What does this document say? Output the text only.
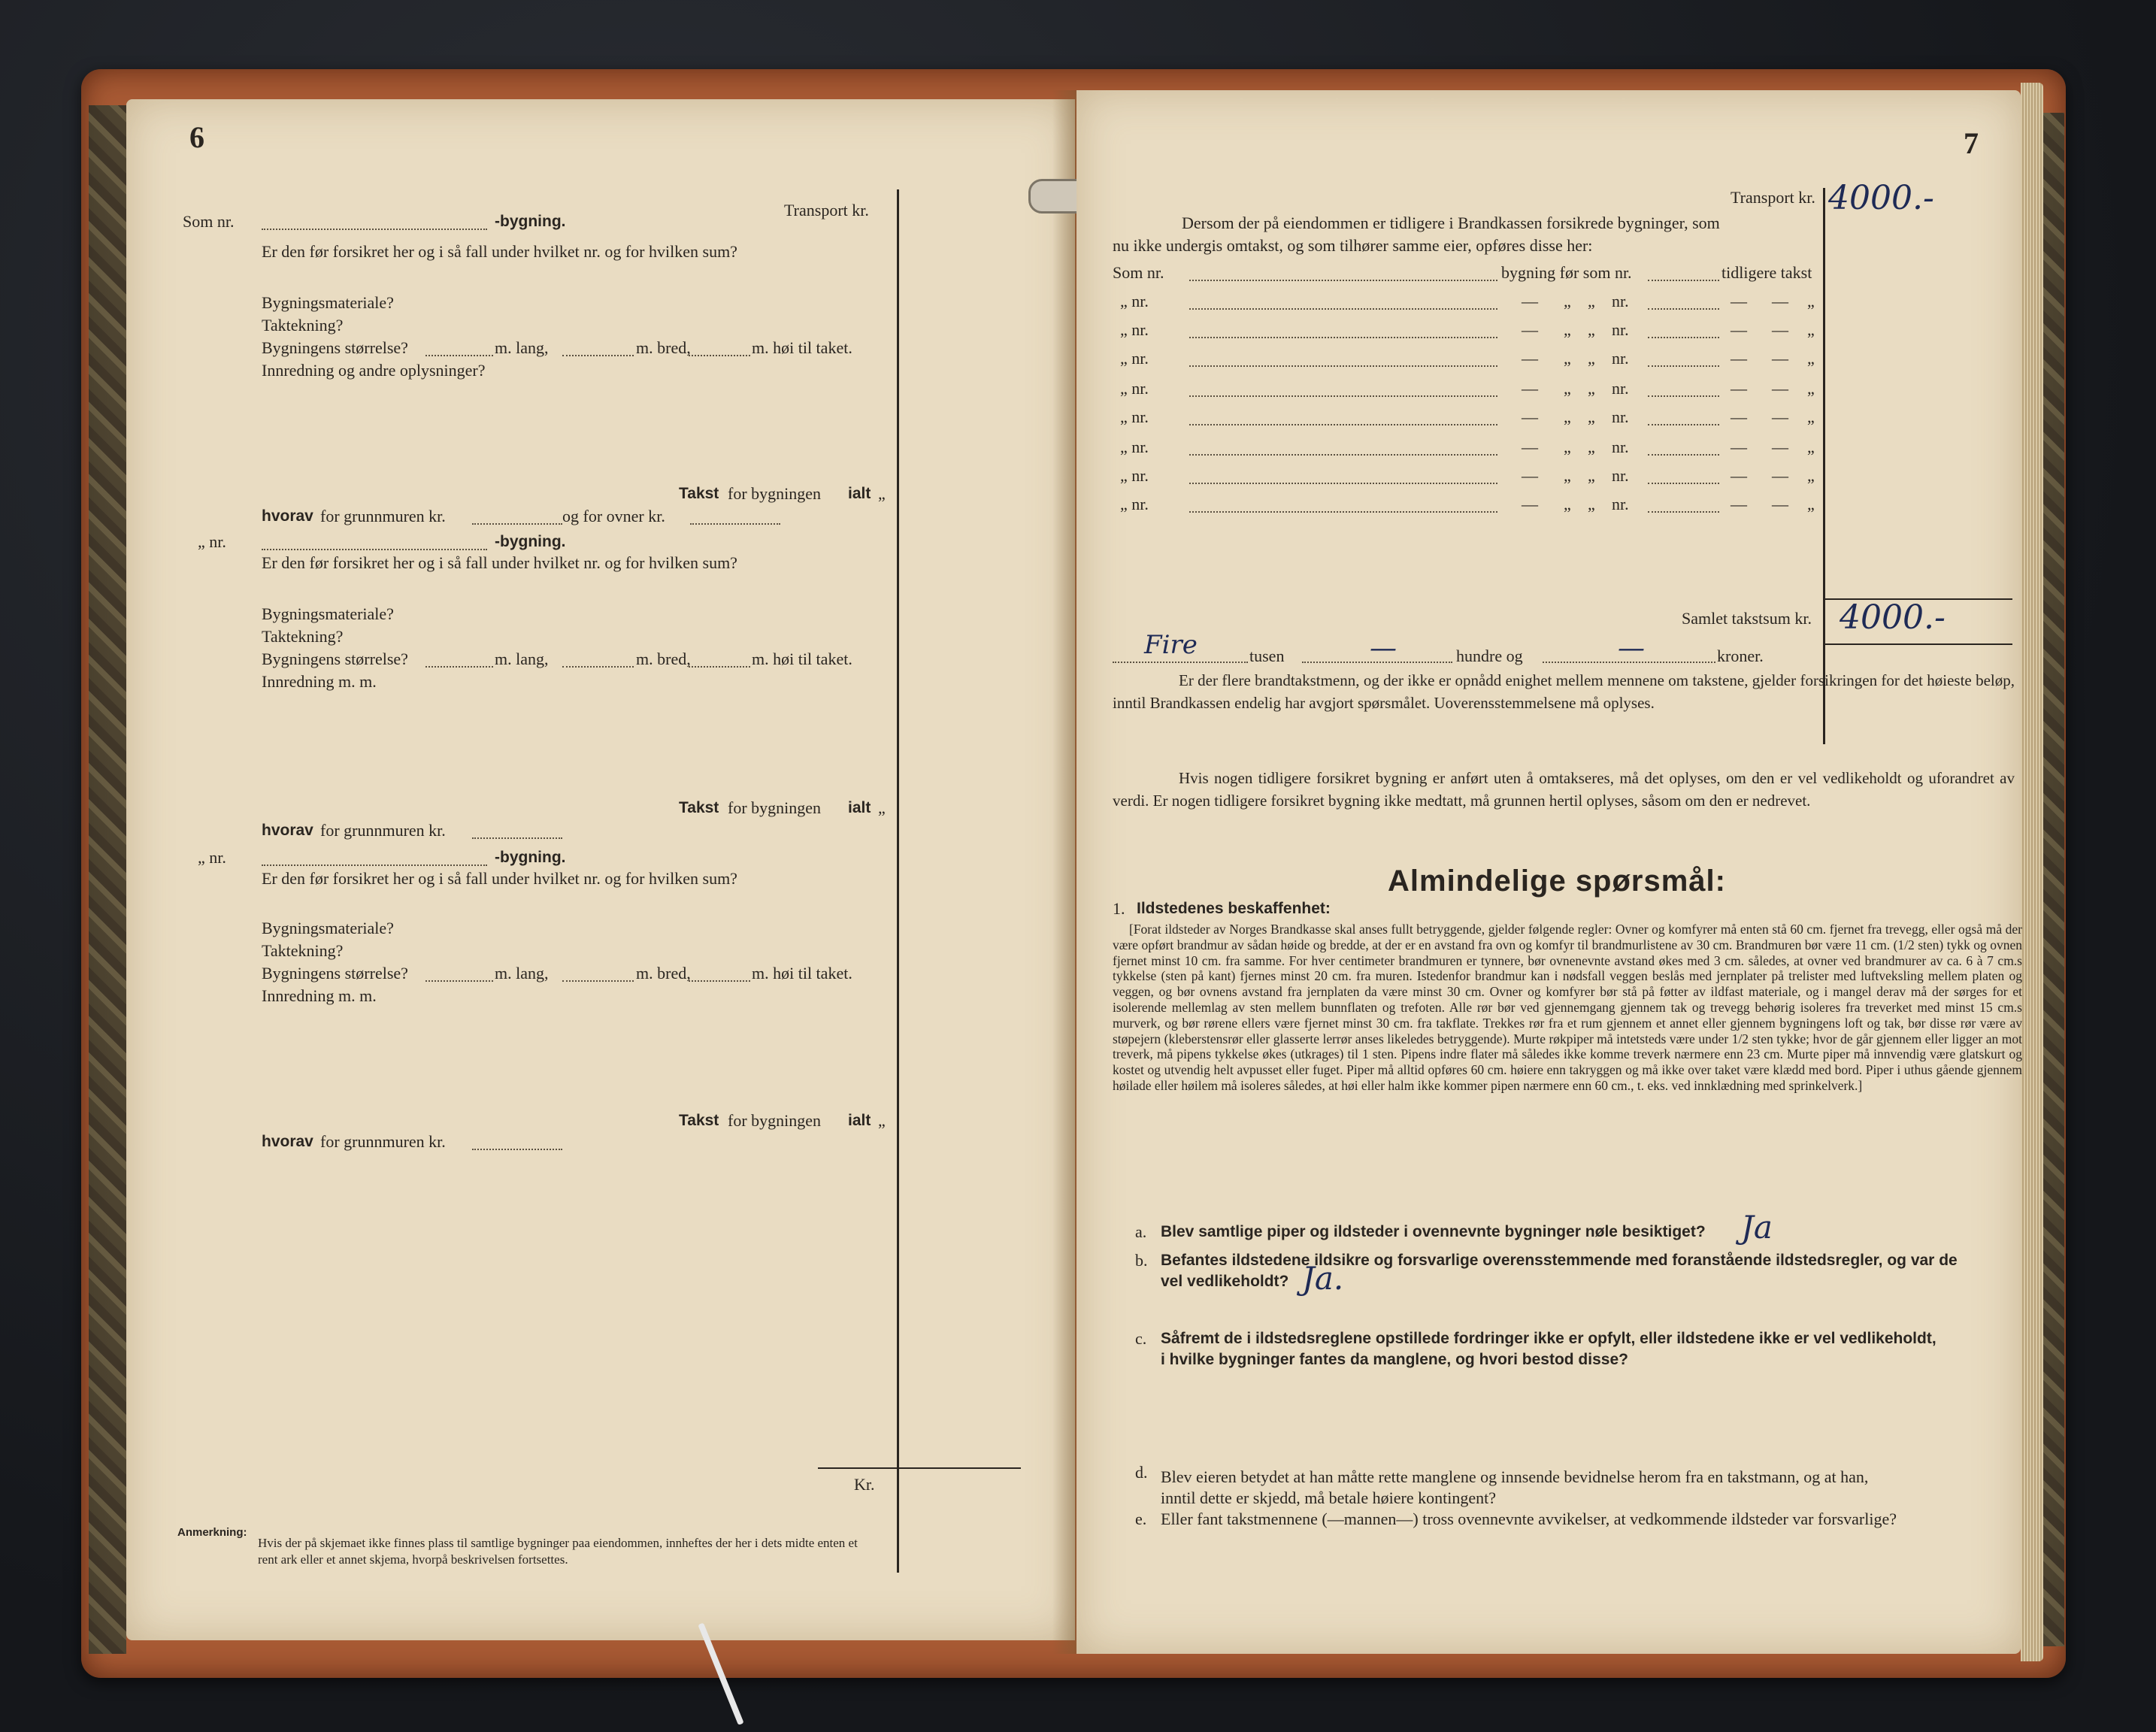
6
Transport kr.
Kr.
Som nr.	-bygning.
Er den før forsikret her og i så fall under hvilket nr. og for hvilken sum?
Bygningsmateriale?
Taktekning?
Bygningens størrelse?	m. lang,	m. bred,	m. høi til taket.
Innredning og andre oplysninger?
Takst for bygningen ialt „
hvorav for grunnmuren kr.	og for ovner kr.
„ nr.	-bygning.
Er den før forsikret her og i så fall under hvilket nr. og for hvilken sum?
Bygningsmateriale?
Taktekning?
Bygningens størrelse?	m. lang,	m. bred,	m. høi til taket.
Innredning m. m.
Takst for bygningen ialt „
hvorav for grunnmuren kr.
„ nr.	-bygning.
Er den før forsikret her og i så fall under hvilket nr. og for hvilken sum?
Bygningsmateriale?
Taktekning?
Bygningens størrelse?	m. lang,	m. bred,	m. høi til taket.
Innredning m. m.
Takst for bygningen ialt „
hvorav for grunnmuren kr.
Anmerkning:
Hvis der på skjemaet ikke finnes plass til samtlige bygninger paa eiendommen, innheftes der her i dets midte enten et
rent ark eller et annet skjema, hvorpå beskrivelsen fortsettes.
7
Transport kr. 4000.-
Dersom der på eiendommen er tidligere i Brandkassen forsikrede bygninger, som
nu ikke undergis omtakst, og som tilhører samme eier, opføres disse her:
Som nr.	bygning før som nr.	tidligere takst
„ nr.	— „ „ nr.	— — „
„ nr.	— „ „ nr.	— — „
„ nr.	— „ „ nr.	— — „
„ nr.	— „ „ nr.	— — „
„ nr.	— „ „ nr.	— — „
„ nr.	— „ „ nr.	— — „
„ nr.	— „ „ nr.	— — „
„ nr.	— „ „ nr.	— — „
Samlet takstsum kr. 4000.-
Fire	tusen	—	hundre og	—	kroner.
Er der flere brandtakstmenn, og der ikke er opnådd enighet mellem mennene om takstene, gjelder forsikringen for det høieste beløp, inntil Brandkassen endelig har avgjort spørsmålet. Uoverensstemmelsene må oplyses.
Hvis nogen tidligere forsikret bygning er anført uten å omtakseres, må det oplyses, om den er vel vedlikeholdt og uforandret av verdi. Er nogen tidligere forsikret bygning ikke medtatt, må grunnen hertil oplyses, såsom om den er nedrevet.
Almindelige spørsmål:
1. Ildstedenes beskaffenhet:
[Forat ildsteder av Norges Brandkasse skal anses fullt betryggende, gjelder følgende regler: Ovner og komfyrer må enten stå 60 cm. fjernet fra trevegg, eller også må der være opført brandmur av sådan høide og bredde, at der er en avstand fra ovn og komfyr til brandmurlistene av 30 cm. Brandmuren bør være 11 cm. (1/2 sten) tykk og ovnen fjernet minst 10 cm. fra samme. For hver centimeter brandmuren er tynnere, bør ovnenevnte avstand økes med 3 cm. således, at ovner ved brandmurer av ca. 6 à 7 cm.s tykkelse (sten på kant) fjernes minst 20 cm. fra muren. Istedenfor brandmur kan i nødsfall veggen beslås med jernplater på trelister med luftveksling mellem platen og veggen, og bør ovnens avstand fra jernplaten da være minst 30 cm. Ovner og komfyrer bør stå på føtter av ildfast materiale, og i mangel derav må der sørges for et isolerende mellemlag av sten mellem bunnflaten og trefoten. Alle rør bør ved gjennemgang gjennem tak og trevegg behørig isoleres fra treverket med minst 15 cm.s murverk, og bør rørene ellers være fjernet minst 30 cm. fra takflate. Trekkes rør fra et rum gjennem et annet eller gjennem bygningens loft og tak, bør disse rør være av støpejern (kleberstensrør eller glasserte lerrør anses likeledes betryggende). Murte røkpiper må intetsteds være under 1/2 sten tykke; hvor de går gjennem eller ligger an mot treverk, må pipens tykkelse økes (utkrages) til 1 sten. Pipens indre flater må således ikke komme treverk nærmere enn 23 cm. Murte piper må innvendig være glatskurt og kostet og utvendig helt avpusset eller fuget. Piper må alltid opføres 60 cm. høiere enn takryggen og må ikke over taket være klædd med bord. Piper i uthus gående gjennem høilade eller høilem må isoleres således, at høi eller halm ikke kommer pipen nærmere enn 60 cm., t. eks. ved innklædning med sprinkelverk.]
a. Blev samtlige piper og ildsteder i ovennevnte bygninger nøle besiktiget? Ja
b. Befantes ildstedene ildsikre og forsvarlige overensstemmende med foranstående ildstedsregler, og var de
vel vedlikeholdt? Ja.
c. Såfremt de i ildstedsreglene opstillede fordringer ikke er opfylt, eller ildstedene ikke er vel vedlikeholdt,
i hvilke bygninger fantes da manglene, og hvori bestod disse?
d. Blev eieren betydet at han måtte rette manglene og innsende bevidnelse herom fra en takstmann, og at han,
inntil dette er skjedd, må betale høiere kontingent?
e. Eller fant takstmennene (—mannen—) tross ovennevnte avvikelser, at vedkommende ildsteder var forsvarlige?
